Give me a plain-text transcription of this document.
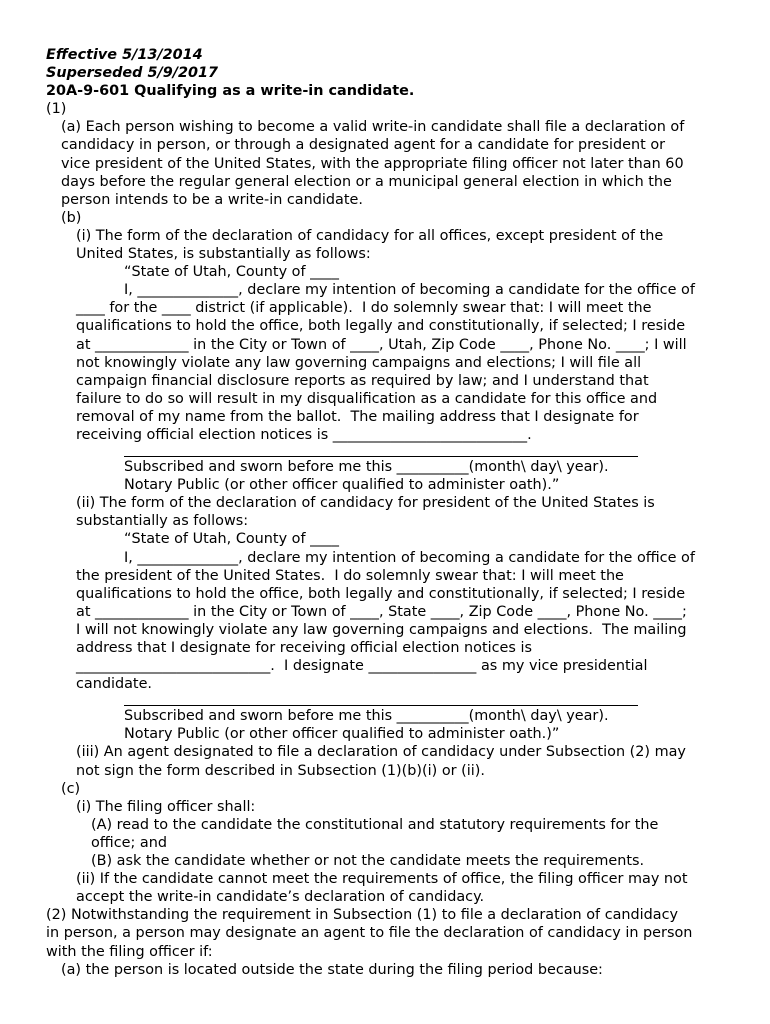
Effective 5/13/2014
Superseded 5/9/2017
20A-9-601 Qualifying as a write-in candidate.
(1)
(a) Each person wishing to become a valid write-in candidate shall file a declaration of
candidacy in person, or through a designated agent for a candidate for president or
vice president of the United States, with the appropriate filing officer not later than 60
days before the regular general election or a municipal general election in which the
person intends to be a write-in candidate.
(b)
(i) The form of the declaration of candidacy for all offices, except president of the
United States, is substantially as follows:
“State of Utah, County of ____
I, ______________, declare my intention of becoming a candidate for the office of
____ for the ____ district (if applicable).  I do solemnly swear that: I will meet the
qualifications to hold the office, both legally and constitutionally, if selected; I reside
at _____________ in the City or Town of ____, Utah, Zip Code ____, Phone No. ____; I will
not knowingly violate any law governing campaigns and elections; I will file all
campaign financial disclosure reports as required by law; and I understand that
failure to do so will result in my disqualification as a candidate for this office and
removal of my name from the ballot.  The mailing address that I designate for
receiving official election notices is ___________________________.
Subscribed and sworn before me this __________(month\ day\ year).
Notary Public (or other officer qualified to administer oath).”
(ii) The form of the declaration of candidacy for president of the United States is
substantially as follows:
“State of Utah, County of ____
I, ______________, declare my intention of becoming a candidate for the office of
the president of the United States.  I do solemnly swear that: I will meet the
qualifications to hold the office, both legally and constitutionally, if selected; I reside
at _____________ in the City or Town of ____, State ____, Zip Code ____, Phone No. ____;
I will not knowingly violate any law governing campaigns and elections.  The mailing
address that I designate for receiving official election notices is
___________________________.  I designate _______________ as my vice presidential
candidate.
Subscribed and sworn before me this __________(month\ day\ year).
Notary Public (or other officer qualified to administer oath.)”
(iii) An agent designated to file a declaration of candidacy under Subsection (2) may
not sign the form described in Subsection (1)(b)(i) or (ii).
(c)
(i) The filing officer shall:
(A) read to the candidate the constitutional and statutory requirements for the
office; and
(B) ask the candidate whether or not the candidate meets the requirements.
(ii) If the candidate cannot meet the requirements of office, the filing officer may not
accept the write-in candidate’s declaration of candidacy.
(2) Notwithstanding the requirement in Subsection (1) to file a declaration of candidacy
in person, a person may designate an agent to file the declaration of candidacy in person
with the filing officer if:
(a) the person is located outside the state during the filing period because:
